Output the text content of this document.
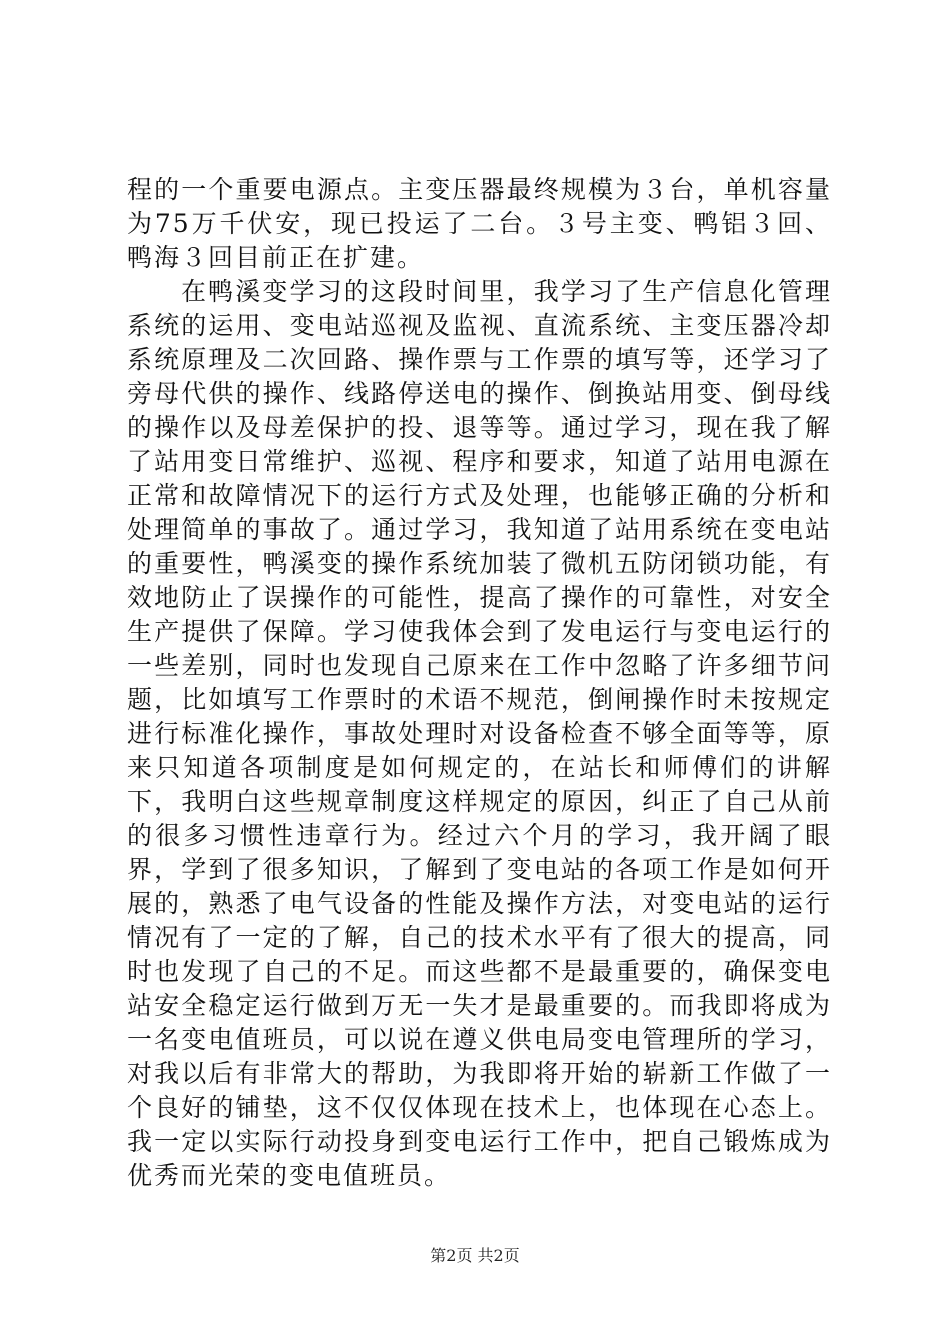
程的一个重要电源点。主变压器最终规模为３台，单机容量为75万千伏安，现已投运了二台。３号主变、鸭铝３回、鸭海３回目前正在扩建。

在鸭溪变学习的这段时间里，我学习了生产信息化管理系统的运用、变电站巡视及监视、直流系统、主变压器冷却系统原理及二次回路、操作票与工作票的填写等，还学习了旁母代供的操作、线路停送电的操作、倒换站用变、倒母线的操作以及母差保护的投、退等等。通过学习，现在我了解了站用变日常维护、巡视、程序和要求，知道了站用电源在正常和故障情况下的运行方式及处理，也能够正确的分析和处理简单的事故了。通过学习，我知道了站用系统在变电站的重要性，鸭溪变的操作系统加装了微机五防闭锁功能，有效地防止了误操作的可能性，提高了操作的可靠性，对安全生产提供了保障。学习使我体会到了发电运行与变电运行的一些差别，同时也发现自己原来在工作中忽略了许多细节问题，比如填写工作票时的术语不规范，倒闸操作时未按规定进行标准化操作，事故处理时对设备检查不够全面等等，原来只知道各项制度是如何规定的，在站长和师傅们的讲解下，我明白这些规章制度这样规定的原因，纠正了自己从前的很多习惯性违章行为。经过六个月的学习，我开阔了眼界，学到了很多知识，了解到了变电站的各项工作是如何开展的，熟悉了电气设备的性能及操作方法，对变电站的运行情况有了一定的了解，自己的技术水平有了很大的提高，同时也发现了自己的不足。而这些都不是最重要的，确保变电站安全稳定运行做到万无一失才是最重要的。而我即将成为一名变电值班员，可以说在遵义供电局变电管理所的学习，对我以后有非常大的帮助，为我即将开始的崭新工作做了一个良好的铺垫，这不仅仅体现在技术上，也体现在心态上。我一定以实际行动投身到变电运行工作中，把自己锻炼成为优秀而光荣的变电值班员。

第2页 共2页
